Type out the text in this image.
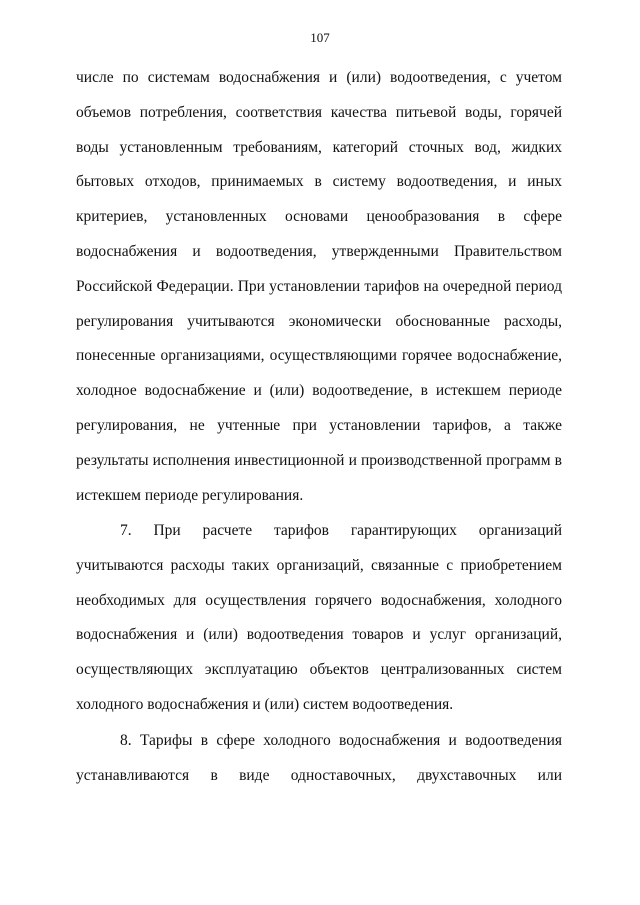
107

числе по системам водоснабжения и (или) водоотведения, с учетом объемов потребления, соответствия качества питьевой воды, горячей воды установленным требованиям, категорий сточных вод, жидких бытовых отходов, принимаемых в систему водоотведения, и иных критериев, установленных основами ценообразования в сфере водоснабжения и водоотведения, утвержденными Правительством Российской Федерации. При установлении тарифов на очередной период регулирования учитываются экономически обоснованные расходы, понесенные организациями, осуществляющими горячее водоснабжение, холодное водоснабжение и (или) водоотведение, в истекшем периоде регулирования, не учтенные при установлении тарифов, а также результаты исполнения инвестиционной и производственной программ в истекшем периоде регулирования.

7. При расчете тарифов гарантирующих организаций учитываются расходы таких организаций, связанные с приобретением необходимых для осуществления горячего водоснабжения, холодного водоснабжения и (или) водоотведения товаров и услуг организаций, осуществляющих эксплуатацию объектов централизованных систем холодного водоснабжения и (или) систем водоотведения.

8. Тарифы в сфере холодного водоснабжения и водоотведения устанавливаются в виде одноставочных, двухставочных или
